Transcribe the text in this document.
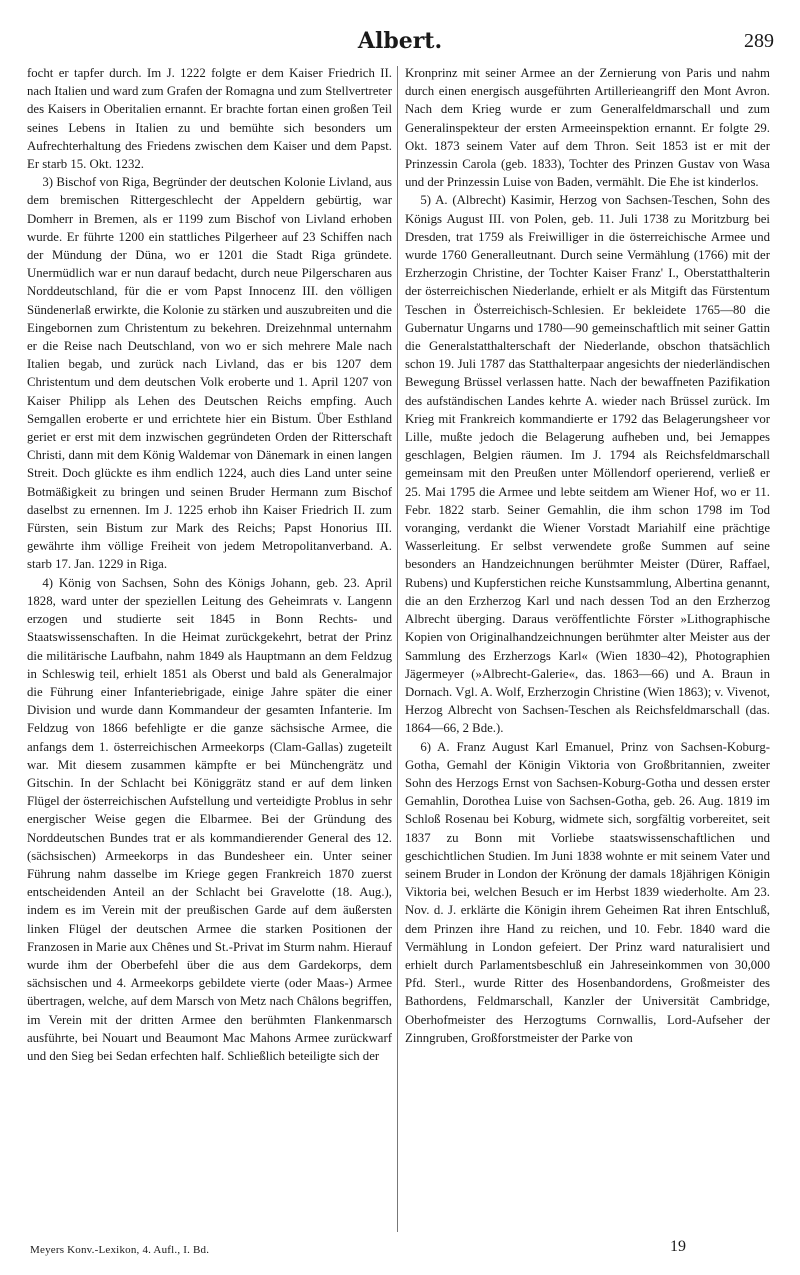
Albert.	289

focht er tapfer durch. Im J. 1222 folgte er dem Kaiser Friedrich II. nach Italien und ward zum Grafen der Romagna und zum Stellvertreter des Kaisers in Oberitalien ernannt. Er brachte fortan einen großen Teil seines Lebens in Italien zu und bemühte sich besonders um Aufrechterhaltung des Friedens zwischen dem Kaiser und dem Papst. Er starb 15. Okt. 1232.

3) Bischof von Riga, Begründer der deutschen Kolonie Livland, aus dem bremischen Rittergeschlecht der Appeldern gebürtig, war Domherr in Bremen, als er 1199 zum Bischof von Livland erhoben wurde. Er führte 1200 ein stattliches Pilgerheer auf 23 Schiffen nach der Mündung der Düna, wo er 1201 die Stadt Riga gründete. Unermüdlich war er nun darauf bedacht, durch neue Pilgerscharen aus Norddeutschland, für die er vom Papst Innocenz III. den völligen Sündenerlaß erwirkte, die Kolonie zu stärken und auszubreiten und die Eingebornen zum Christentum zu bekehren. Dreizehnmal unternahm er die Reise nach Deutschland, von wo er sich mehrere Male nach Italien begab, und zurück nach Livland, das er bis 1207 dem Christentum und dem deutschen Volk eroberte und 1. April 1207 von Kaiser Philipp als Lehen des Deutschen Reichs empfing. Auch Semgallen eroberte er und errichtete hier ein Bistum. Über Esthland geriet er erst mit dem inzwischen gegründeten Orden der Ritterschaft Christi, dann mit dem König Waldemar von Dänemark in einen langen Streit. Doch glückte es ihm endlich 1224, auch dies Land unter seine Botmäßigkeit zu bringen und seinen Bruder Hermann zum Bischof daselbst zu ernennen. Im J. 1225 erhob ihn Kaiser Friedrich II. zum Fürsten, sein Bistum zur Mark des Reichs; Papst Honorius III. gewährte ihm völlige Freiheit von jedem Metropolitanverband. A. starb 17. Jan. 1229 in Riga.

4) König von Sachsen, Sohn des Königs Johann, geb. 23. April 1828, ward unter der speziellen Leitung des Geheimrats v. Langenn erzogen und studierte seit 1845 in Bonn Rechts- und Staatswissenschaften. In die Heimat zurückgekehrt, betrat der Prinz die militärische Laufbahn, nahm 1849 als Hauptmann an dem Feldzug in Schleswig teil, erhielt 1851 als Oberst und bald als Generalmajor die Führung einer Infanteriebrigade, einige Jahre später die einer Division und wurde dann Kommandeur der gesamten Infanterie. Im Feldzug von 1866 befehligte er die ganze sächsische Armee, die anfangs dem 1. österreichischen Armeekorps (Clam-Gallas) zugeteilt war. Mit diesem zusammen kämpfte er bei Münchengrätz und Gitschin. In der Schlacht bei Königgrätz stand er auf dem linken Flügel der österreichischen Aufstellung und verteidigte Problus in sehr energischer Weise gegen die Elbarmee. Bei der Gründung des Norddeutschen Bundes trat er als kommandierender General des 12. (sächsischen) Armeekorps in das Bundesheer ein. Unter seiner Führung nahm dasselbe im Kriege gegen Frankreich 1870 zuerst entscheidenden Anteil an der Schlacht bei Gravelotte (18. Aug.), indem es im Verein mit der preußischen Garde auf dem äußersten linken Flügel der deutschen Armee die starken Positionen der Franzosen in Marie aux Chênes und St.-Privat im Sturm nahm. Hierauf wurde ihm der Oberbefehl über die aus dem Gardekorps, dem sächsischen und 4. Armeekorps gebildete vierte (oder Maas-) Armee übertragen, welche, auf dem Marsch von Metz nach Châlons begriffen, im Verein mit der dritten Armee den berühmten Flankenmarsch ausführte, bei Nouart und Beaumont Mac Mahons Armee zurückwarf und den Sieg bei Sedan erfechten half. Schließlich beteiligte sich der

Kronprinz mit seiner Armee an der Zernierung von Paris und nahm durch einen energisch ausgeführten Artillerieangriff den Mont Avron. Nach dem Krieg wurde er zum Generalfeldmarschall und zum Generalinspekteur der ersten Armeeinspektion ernannt. Er folgte 29. Okt. 1873 seinem Vater auf dem Thron. Seit 1853 ist er mit der Prinzessin Carola (geb. 1833), Tochter des Prinzen Gustav von Wasa und der Prinzessin Luise von Baden, vermählt. Die Ehe ist kinderlos.

5) A. (Albrecht) Kasimir, Herzog von Sachsen-Teschen, Sohn des Königs August III. von Polen, geb. 11. Juli 1738 zu Moritzburg bei Dresden, trat 1759 als Freiwilliger in die österreichische Armee und wurde 1760 Generalleutnant. Durch seine Vermählung (1766) mit der Erzherzogin Christine, der Tochter Kaiser Franz' I., Oberstatthalterin der österreichischen Niederlande, erhielt er als Mitgift das Fürstentum Teschen in Österreichisch-Schlesien. Er bekleidete 1765—80 die Gubernatur Ungarns und 1780—90 gemeinschaftlich mit seiner Gattin die Generalstatthalterschaft der Niederlande, obschon thatsächlich schon 19. Juli 1787 das Statthalterpaar angesichts der niederländischen Bewegung Brüssel verlassen hatte. Nach der bewaffneten Pazifikation des aufständischen Landes kehrte A. wieder nach Brüssel zurück. Im Krieg mit Frankreich kommandierte er 1792 das Belagerungsheer vor Lille, mußte jedoch die Belagerung aufheben und, bei Jemappes geschlagen, Belgien räumen. Im J. 1794 als Reichsfeldmarschall gemeinsam mit den Preußen unter Möllendorf operierend, verließ er 25. Mai 1795 die Armee und lebte seitdem am Wiener Hof, wo er 11. Febr. 1822 starb. Seiner Gemahlin, die ihm schon 1798 im Tod voranging, verdankt die Wiener Vorstadt Mariahilf eine prächtige Wasserleitung. Er selbst verwendete große Summen auf seine besonders an Handzeichnungen berühmter Meister (Dürer, Raffael, Rubens) und Kupferstichen reiche Kunstsammlung, Albertina genannt, die an den Erzherzog Karl und nach dessen Tod an den Erzherzog Albrecht überging. Daraus veröffentlichte Förster »Lithographische Kopien von Originalhandzeichnungen berühmter alter Meister aus der Sammlung des Erzherzogs Karl« (Wien 1830–42), Photographien Jägermeyer (»Albrecht-Galerie«, das. 1863—66) und A. Braun in Dornach. Vgl. A. Wolf, Erzherzogin Christine (Wien 1863); v. Vivenot, Herzog Albrecht von Sachsen-Teschen als Reichsfeldmarschall (das. 1864—66, 2 Bde.).

6) A. Franz August Karl Emanuel, Prinz von Sachsen-Koburg-Gotha, Gemahl der Königin Viktoria von Großbritannien, zweiter Sohn des Herzogs Ernst von Sachsen-Koburg-Gotha und dessen erster Gemahlin, Dorothea Luise von Sachsen-Gotha, geb. 26. Aug. 1819 im Schloß Rosenau bei Koburg, widmete sich, sorgfältig vorbereitet, seit 1837 zu Bonn mit Vorliebe staatswissenschaftlichen und geschichtlichen Studien. Im Juni 1838 wohnte er mit seinem Vater und seinem Bruder in London der Krönung der damals 18jährigen Königin Viktoria bei, welchen Besuch er im Herbst 1839 wiederholte. Am 23. Nov. d. J. erklärte die Königin ihrem Geheimen Rat ihren Entschluß, dem Prinzen ihre Hand zu reichen, und 10. Febr. 1840 ward die Vermählung in London gefeiert. Der Prinz ward naturalisiert und erhielt durch Parlamentsbeschluß ein Jahreseinkommen von 30,000 Pfd. Sterl., wurde Ritter des Hosenbandordens, Großmeister des Bathordens, Feldmarschall, Kanzler der Universität Cambridge, Oberhofmeister des Herzogtums Cornwallis, Lord-Aufseher der Zinngruben, Großforstmeister der Parke von

Meyers Konv.-Lexikon, 4. Aufl., I. Bd.	19
